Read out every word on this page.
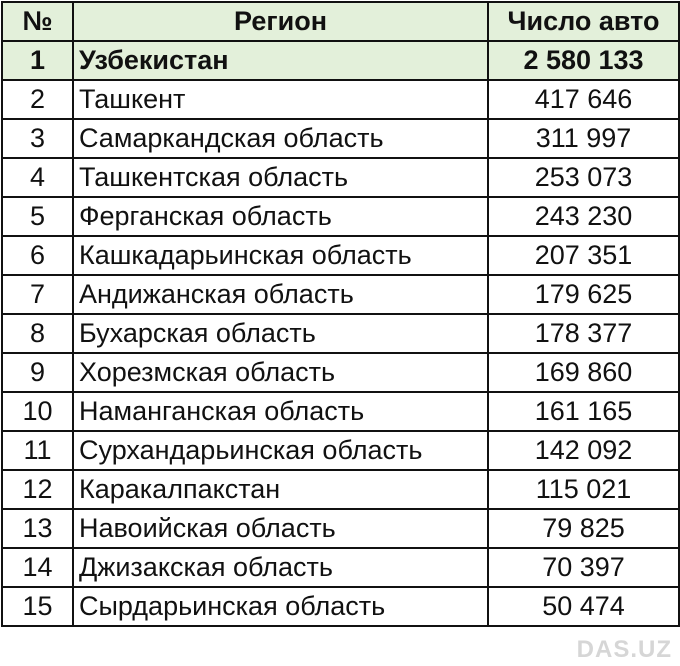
№	Регион	Число авто
1	Узбекистан	2 580 133
2	Ташкент	417 646
3	Самаркандская область	311 997
4	Ташкентская область	253 073
5	Ферганская область	243 230
6	Кашкадарьинская область	207 351
7	Андижанская область	179 625
8	Бухарская область	178 377
9	Хорезмская область	169 860
10	Наманганская область	161 165
11	Сурхандарьинская область	142 092
12	Каракалпакстан	115 021
13	Навоийская область	79 825
14	Джизакская область	70 397
15	Сырдарьинская область	50 474
DAS.UZ
